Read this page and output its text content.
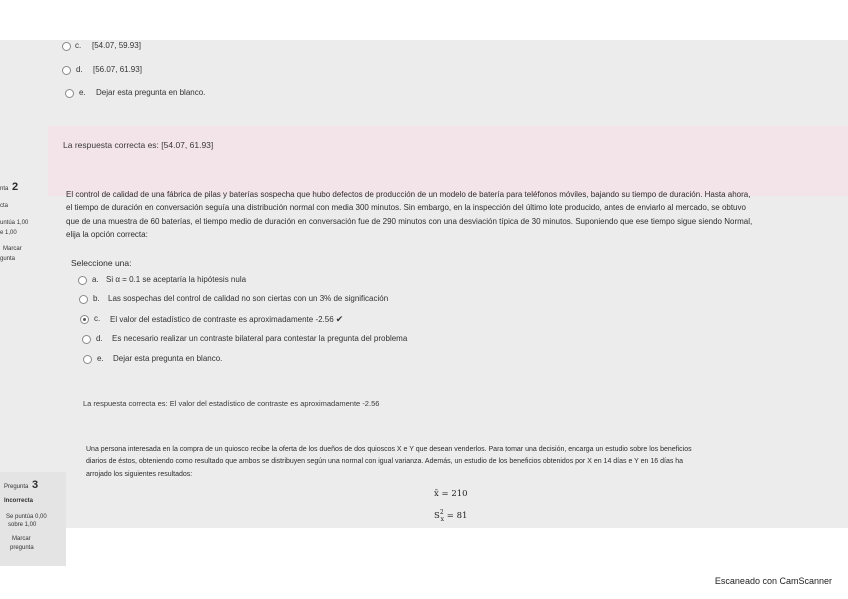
c. [54.07, 59.93]
d. [56.07, 61.93]
e. Dejar esta pregunta en blanco.
La respuesta correcta es: [54.07, 61.93]
nta 2
cta
untúa 1,00
e 1,00
Marcar
gunta
El control de calidad de una fábrica de pilas y baterías sospecha que hubo defectos de producción de un modelo de batería para teléfonos móviles, bajando su tiempo de duración. Hasta ahora,
el tiempo de duración en conversación seguía una distribución normal con media 300 minutos. Sin embargo, en la inspección del último lote producido, antes de enviarlo al mercado, se obtuvo
que de una muestra de 60 baterías, el tiempo medio de duración en conversación fue de 290 minutos con una desviación típica de 30 minutos. Suponiendo que ese tiempo sigue siendo Normal,
elija la opción correcta:
Seleccione una:
a. Si α = 0.1 se aceptaría la hipótesis nula
b. Las sospechas del control de calidad no son ciertas con un 3% de significación
c. El valor del estadístico de contraste es aproximadamente -2.56 ✔
d. Es necesario realizar un contraste bilateral para contestar la pregunta del problema
e. Dejar esta pregunta en blanco.
La respuesta correcta es: El valor del estadístico de contraste es aproximadamente -2.56
Pregunta 3
Incorrecta
Se puntúa 0,00
sobre 1,00
Marcar
pregunta
Una persona interesada en la compra de un quiosco recibe la oferta de los dueños de dos quioscos X e Y que desean venderlos. Para tomar una decisión, encarga un estudio sobre los beneficios
diarios de éstos, obteniendo como resultado que ambos se distribuyen según una normal con igual varianza. Además, un estudio de los beneficios obtenidos por X en 14 días e Y en 16 días ha
arrojado los siguientes resultados:
x̄ = 210
$S^2_x = 81$
Escaneado con CamScanner
